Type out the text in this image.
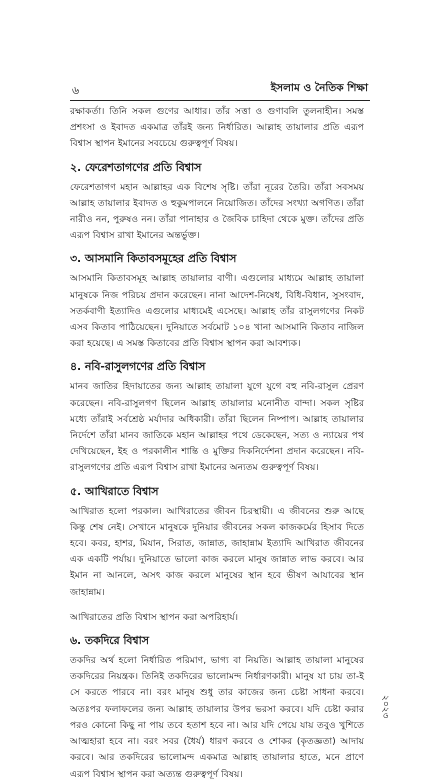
৬	ইসলাম ও নৈতিক শিক্ষা

রক্ষাকর্তা। তিনি সকল গুণের আধার। তাঁর সত্তা ও গুণাবলি তুলনাহীন। সমস্ত প্রশংসা ও ইবাদত একমাত্র তাঁরই জন্য নির্ধারিত। আল্লাহ তায়ালার প্রতি এরূপ বিশ্বাস স্থাপন ইমানের সবচেয়ে গুরুত্বপূর্ণ বিষয়।

২. ফেরেশতাগণের প্রতি বিশ্বাস

ফেরেশতাগণ মহান আল্লাহর এক বিশেষ সৃষ্টি। তাঁরা নূরের তৈরি। তাঁরা সবসময় আল্লাহ তায়ালার ইবাদত ও হুকুমপালনে নিয়োজিত। তাঁদের সংখ্যা অগণিত। তাঁরা নারীও নন, পুরুষও নন। তাঁরা পানাহার ও জৈবিক চাহিদা থেকে মুক্ত। তাঁদের প্রতি এরূপ বিশ্বাস রাখা ইমানের অন্তর্ভুক্ত।

৩. আসমানি কিতাবসমূহের প্রতি বিশ্বাস

আসমানি কিতাবসমূহ আল্লাহ তায়ালার বাণী। এগুলোর মাধ্যমে আল্লাহ তায়ালা মানুষকে নিজ পরিচয় প্রদান করেছেন। নানা আদেশ-নিষেধ, বিধি-বিধান, সুসংবাদ, সতর্কবাণী ইত্যাদিও এগুলোর মাধ্যমেই এসেছে। আল্লাহ তাঁর রাসুলগণের নিকট এসব কিতাব পাঠিয়েছেন। দুনিয়াতে সর্বমোট ১০৪ খানা আসমানি কিতাব নাজিল করা হয়েছে। এ সমস্ত কিতাবের প্রতি বিশ্বাস স্থাপন করা আবশ্যক।

৪. নবি-রাসুলগণের প্রতি বিশ্বাস

মানব জাতির হিদায়াতের জন্য আল্লাহ তায়ালা যুগে যুগে বহু নবি-রাসুল প্রেরণ করেছেন। নবি-রাসুলগণ ছিলেন আল্লাহ তায়ালার মনোনীত বান্দা। সকল সৃষ্টির মধ্যে তাঁরাই সর্বশ্রেষ্ঠ মর্যাদার অধিকারী। তাঁরা ছিলেন নিষ্পাপ। আল্লাহ তায়ালার নির্দেশে তাঁরা মানব জাতিকে মহান আল্লাহর পথে ডেকেছেন, সত্য ও ন্যায়ের পথ দেখিয়েছেন, ইহ ও পরকালীন শান্তি ও মুক্তির দিকনির্দেশনা প্রদান করেছেন। নবি-রাসুলগণের প্রতি এরূপ বিশ্বাস রাখা ইমানের অন্যতম গুরুত্বপূর্ণ বিষয়।

৫. আখিরাতে বিশ্বাস

আখিরাত হলো পরকাল। আখিরাতের জীবন চিরস্থায়ী। এ জীবনের শুরু আছে কিন্তু শেষ নেই। সেখানে মানুষকে দুনিয়ার জীবনের সকল কাজকর্মের হিসাব দিতে হবে। কবর, হাশর, মিযান, সিরাত, জান্নাত, জাহান্নাম ইত্যাদি আখিরাত জীবনের এক একটি পর্যায়। দুনিয়াতে ভালো কাজ করলে মানুষ জান্নাত লাভ করবে। আর ইমান না আনলে, অসৎ কাজ করলে মানুষের স্থান হবে ভীষণ আযাবের স্থান জাহান্নাম।

আখিরাতের প্রতি বিশ্বাস স্থাপন করা অপরিহার্য।

৬. তকদিরে বিশ্বাস

তকদির অর্থ হলো নির্ধারিত পরিমাণ, ভাগ্য বা নিয়তি। আল্লাহ তায়ালা মানুষের তকদিরের নিয়ন্ত্রক। তিনিই তকদিরের ভালোমন্দ নির্ধারণকারী। মানুষ যা চায় তা-ই সে করতে পারবে না। বরং মানুষ শুধু তার কাজের জন্য চেষ্টা সাধনা করবে। অতঃপর ফলাফলের জন্য আল্লাহ তায়ালার উপর ভরসা করবে। যদি চেষ্টা করার পরও কোনো কিছু না পায় তবে হতাশ হবে না। আর যদি পেয়ে যায় তবুও খুশিতে আত্মহারা হবে না। বরং সবর (ধৈর্য) ধারণ করবে ও শোকর (কৃতজ্ঞতা) আদায় করবে। আর তকদিরের ভালোমন্দ একমাত্র আল্লাহ তায়ালার হাতে, মনে প্রাণে এরূপ বিশ্বাস স্থাপন করা অত্যন্ত গুরুত্বপূর্ণ বিষয়।

২০২৩
